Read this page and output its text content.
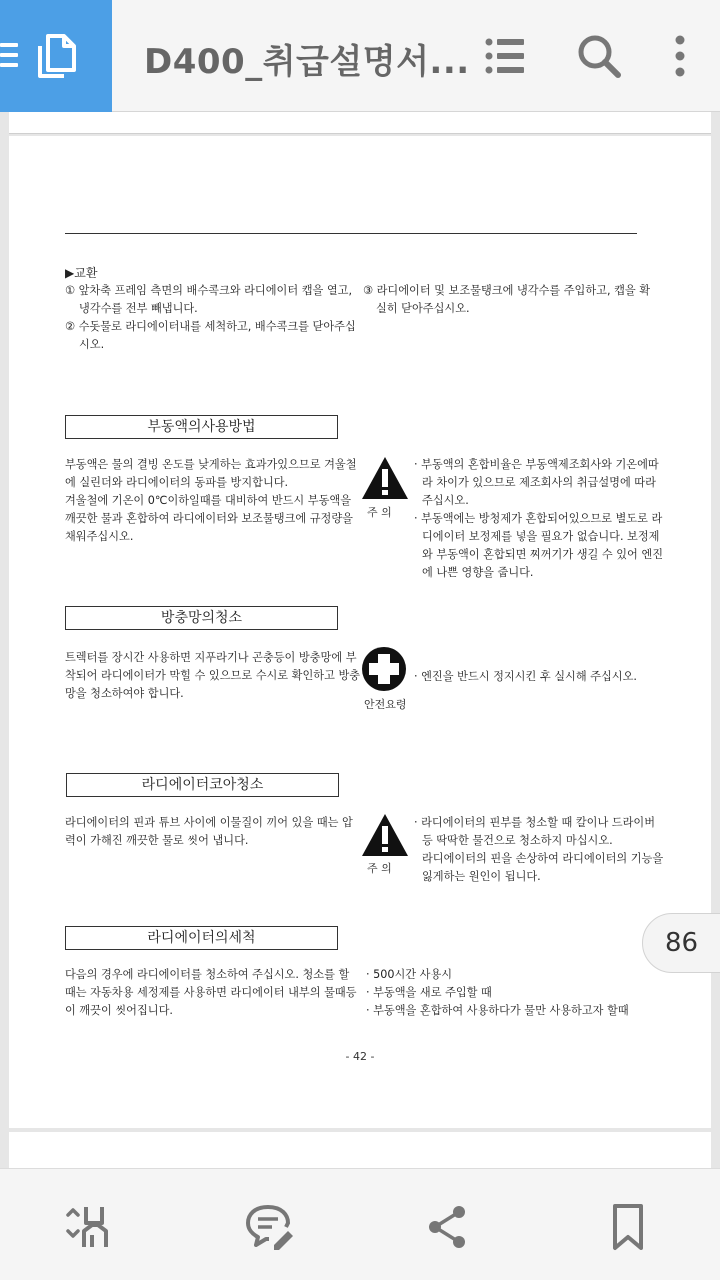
D400_취급설명서...
▶교환
① 앞차축 프레임 측면의 배수콕크와 라디에이터 캡을 열고,
냉각수를 전부 빼냅니다.
② 수돗물로 라디에이터내를 세척하고, 배수콕크를 닫아주십
시오.
③ 라디에이터 및 보조물탱크에 냉각수를 주입하고, 캡을 확
실히 닫아주십시오.
부동액의사용방법
부동액은 물의 결빙 온도를 낮게하는 효과가있으므로 겨울철
에 실린더와 라디에이터의 동파를 방지합니다.
겨울철에 기온이 0℃이하일때를 대비하여 반드시 부동액을
깨끗한 물과 혼합하여 라디에이터와 보조물탱크에 규정량을
채워주십시오.
주 의
· 부동액의 혼합비율은 부동액제조회사와 기온에따
라 차이가 있으므로 제조회사의 취급설명에 따라
주십시오.
· 부동액에는 방청제가 혼합되어있으므로 별도로 라
디에이터 보정제를 넣을 필요가 없습니다. 보정제
와 부동액이 혼합되면 찌꺼기가 생길 수 있어 엔진
에 나쁜 영향을 줍니다.
방충망의청소
트렉터를 장시간 사용하면 지푸라기나 곤충등이 방충망에 부
착되어 라디에이터가 막힐 수 있으므로 수시로 확인하고 방충
망을 청소하여야 합니다.
안전요령
· 엔진을 반드시 정지시킨 후 실시해 주십시오.
라디에이터코아청소
라디에이터의 핀과 튜브 사이에 이물질이 끼어 있을 때는 압
력이 가해진 깨끗한 물로 씻어 냅니다.
주 의
· 라디에이터의 핀부를 청소할 때 칼이나 드라이버
등 딱딱한 물건으로 청소하지 마십시오.
라디에이터의 핀을 손상하여 라디에이터의 기능을
잃게하는 원인이 됩니다.
라디에이터의세척
다음의 경우에 라디에이터를 청소하여 주십시오. 청소를 할
때는 자동차용 세정제를 사용하면 라디에이터 내부의 물때등
이 깨끗이 씻어집니다.
· 500시간 사용시
· 부동액을 새로 주입할 때
· 부동액을 혼합하여 사용하다가 물만 사용하고자 할때
- 42 -
86
